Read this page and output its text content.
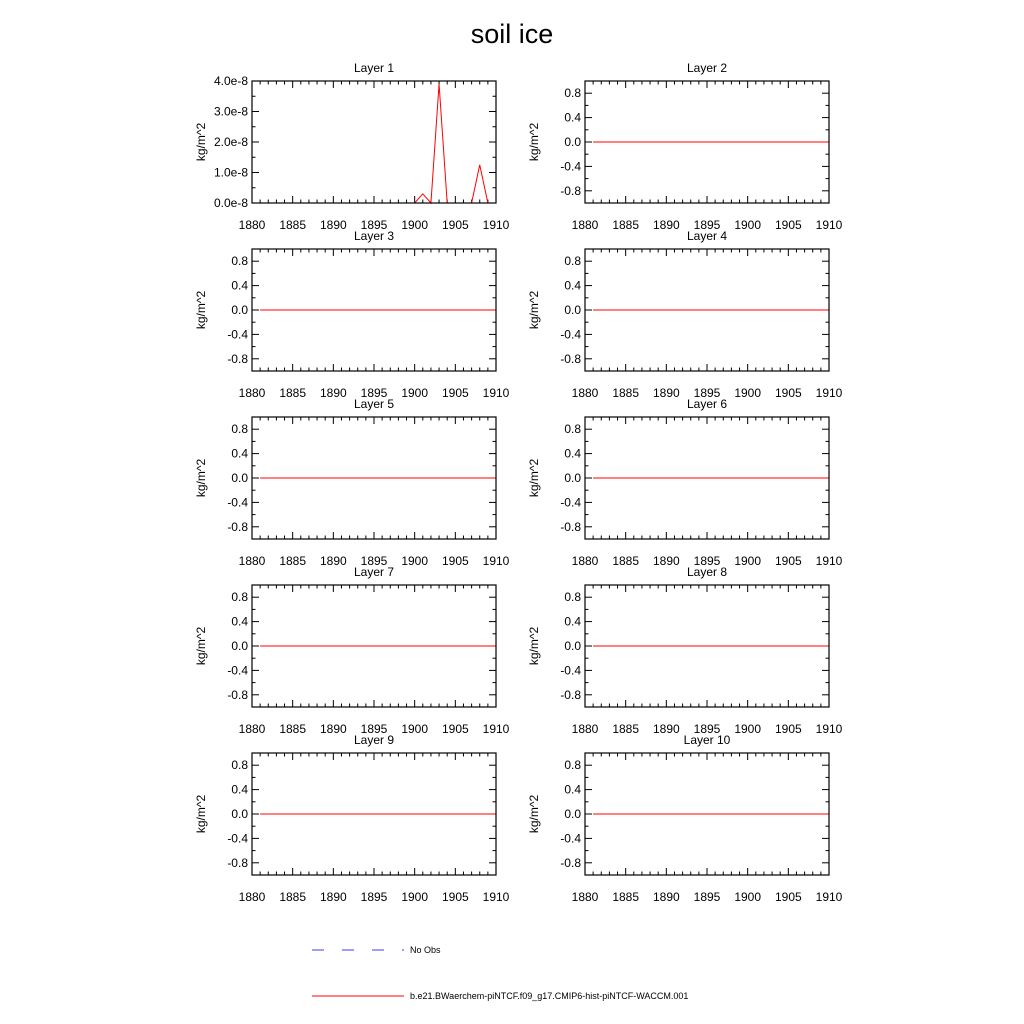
soil ice
Layer 1
kg/m^2
1880 1885 1890 1895 1900 1905 1910
0.0e-8
1.0e-8
2.0e-8
3.0e-8
4.0e-8
Layer 2
kg/m^2
1880 1885 1890 1895 1900 1905 1910
0.8
0.4
0.0
-0.4
-0.8
Layer 3
kg/m^2
1880 1885 1890 1895 1900 1905 1910
0.8
0.4
0.0
-0.4
-0.8
Layer 4
kg/m^2
1880 1885 1890 1895 1900 1905 1910
0.8
0.4
0.0
-0.4
-0.8
Layer 5
kg/m^2
1880 1885 1890 1895 1900 1905 1910
0.8
0.4
0.0
-0.4
-0.8
Layer 6
kg/m^2
1880 1885 1890 1895 1900 1905 1910
0.8
0.4
0.0
-0.4
-0.8
Layer 7
kg/m^2
1880 1885 1890 1895 1900 1905 1910
0.8
0.4
0.0
-0.4
-0.8
Layer 8
kg/m^2
1880 1885 1890 1895 1900 1905 1910
0.8
0.4
0.0
-0.4
-0.8
Layer 9
kg/m^2
1880 1885 1890 1895 1900 1905 1910
0.8
0.4
0.0
-0.4
-0.8
Layer 10
kg/m^2
1880 1885 1890 1895 1900 1905 1910
0.8
0.4
0.0
-0.4
-0.8
No Obs
b.e21.BWaerchem-piNTCF.f09_g17.CMIP6-hist-piNTCF-WACCM.001
